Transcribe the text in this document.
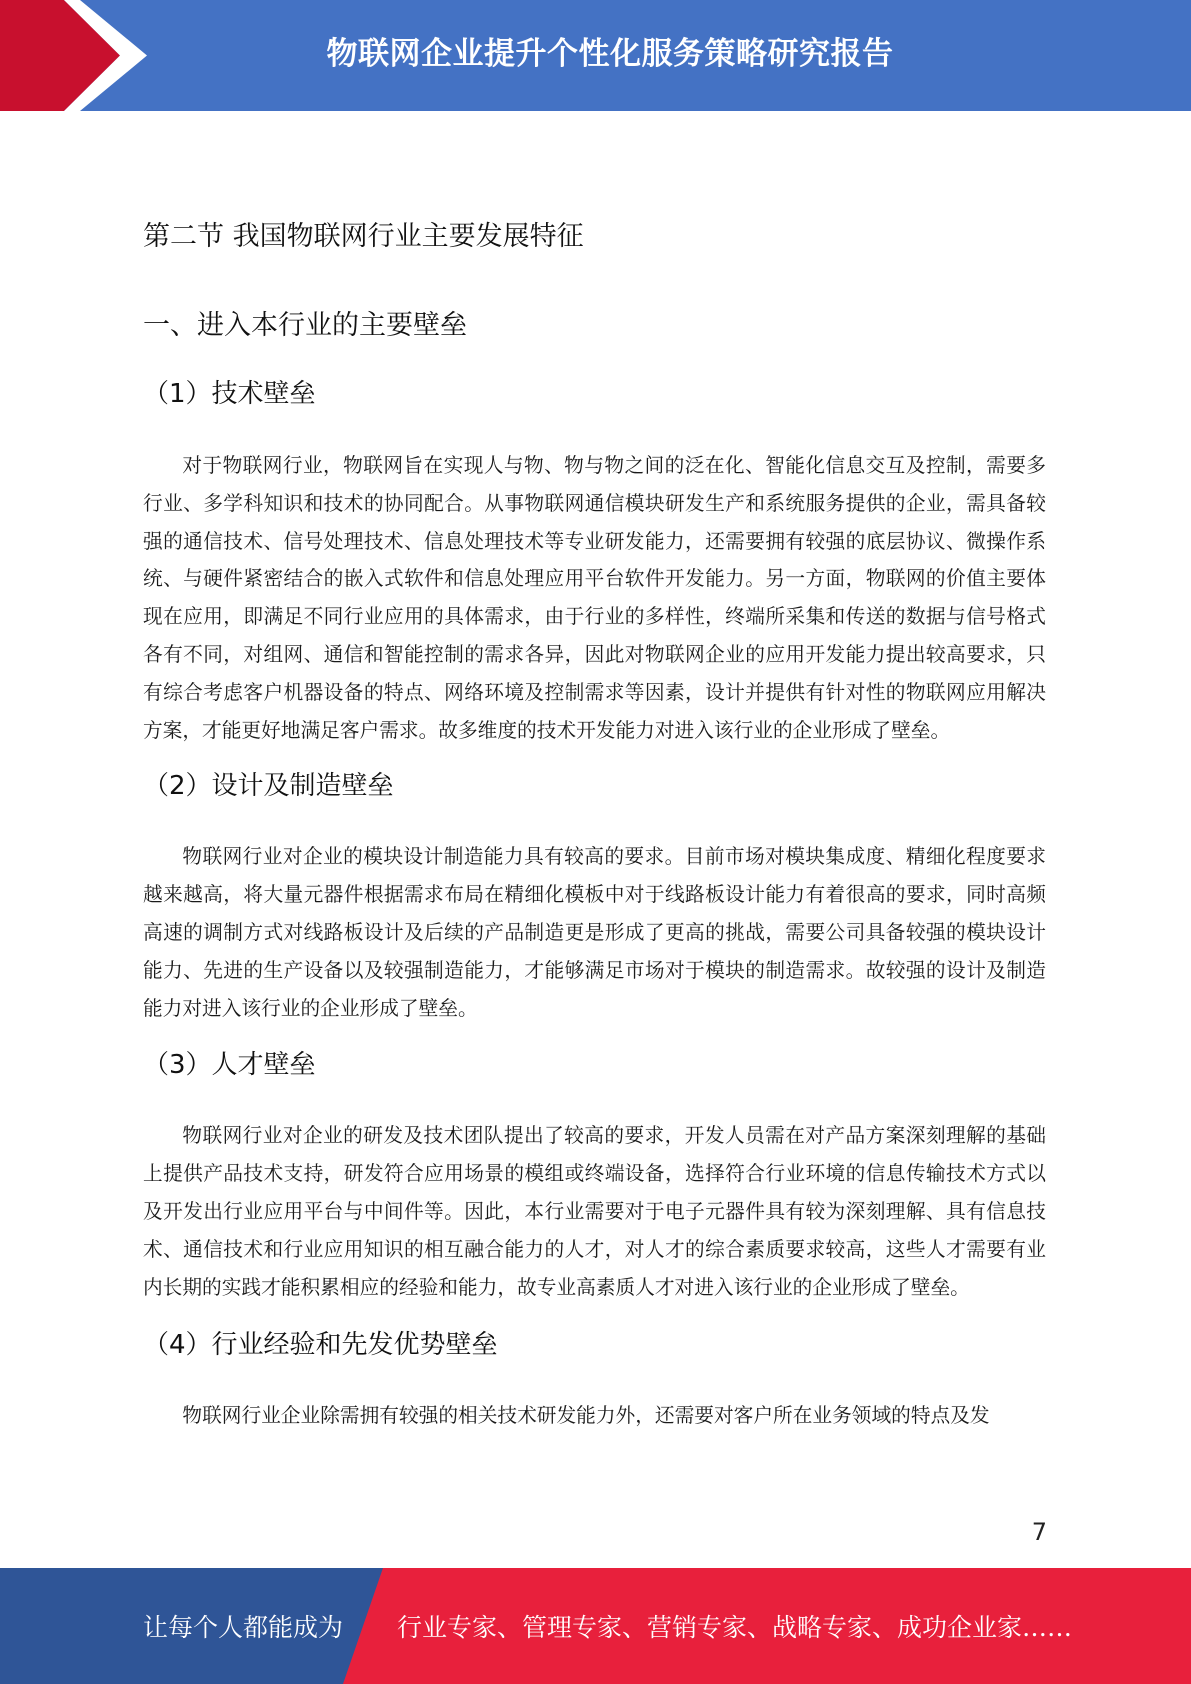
物联网企业提升个性化服务策略研究报告
第二节 我国物联网行业主要发展特征
一、进入本行业的主要壁垒
（1）技术壁垒

对于物联网行业，物联网旨在实现人与物、物与物之间的泛在化、智能化信息交互及控制，需要多行业、多学科知识和技术的协同配合。从事物联网通信模块研发生产和系统服务提供的企业，需具备较强的通信技术、信号处理技术、信息处理技术等专业研发能力，还需要拥有较强的底层协议、微操作系统、与硬件紧密结合的嵌入式软件和信息处理应用平台软件开发能力。另一方面，物联网的价值主要体现在应用，即满足不同行业应用的具体需求，由于行业的多样性，终端所采集和传送的数据与信号格式各有不同，对组网、通信和智能控制的需求各异，因此对物联网企业的应用开发能力提出较高要求，只有综合考虑客户机器设备的特点、网络环境及控制需求等因素，设计并提供有针对性的物联网应用解决方案，才能更好地满足客户需求。故多维度的技术开发能力对进入该行业的企业形成了壁垒。

（2）设计及制造壁垒

物联网行业对企业的模块设计制造能力具有较高的要求。目前市场对模块集成度、精细化程度要求越来越高，将大量元器件根据需求布局在精细化模板中对于线路板设计能力有着很高的要求，同时高频高速的调制方式对线路板设计及后续的产品制造更是形成了更高的挑战，需要公司具备较强的模块设计能力、先进的生产设备以及较强制造能力，才能够满足市场对于模块的制造需求。故较强的设计及制造能力对进入该行业的企业形成了壁垒。

（3）人才壁垒

物联网行业对企业的研发及技术团队提出了较高的要求，开发人员需在对产品方案深刻理解的基础上提供产品技术支持，研发符合应用场景的模组或终端设备，选择符合行业环境的信息传输技术方式以及开发出行业应用平台与中间件等。因此，本行业需要对于电子元器件具有较为深刻理解、具有信息技术、通信技术和行业应用知识的相互融合能力的人才，对人才的综合素质要求较高，这些人才需要有业内长期的实践才能积累相应的经验和能力，故专业高素质人才对进入该行业的企业形成了壁垒。

（4）行业经验和先发优势壁垒

物联网行业企业除需拥有较强的相关技术研发能力外，还需要对客户所在业务领域的特点及发

7
让每个人都能成为 行业专家、管理专家、营销专家、战略专家、成功企业家……
